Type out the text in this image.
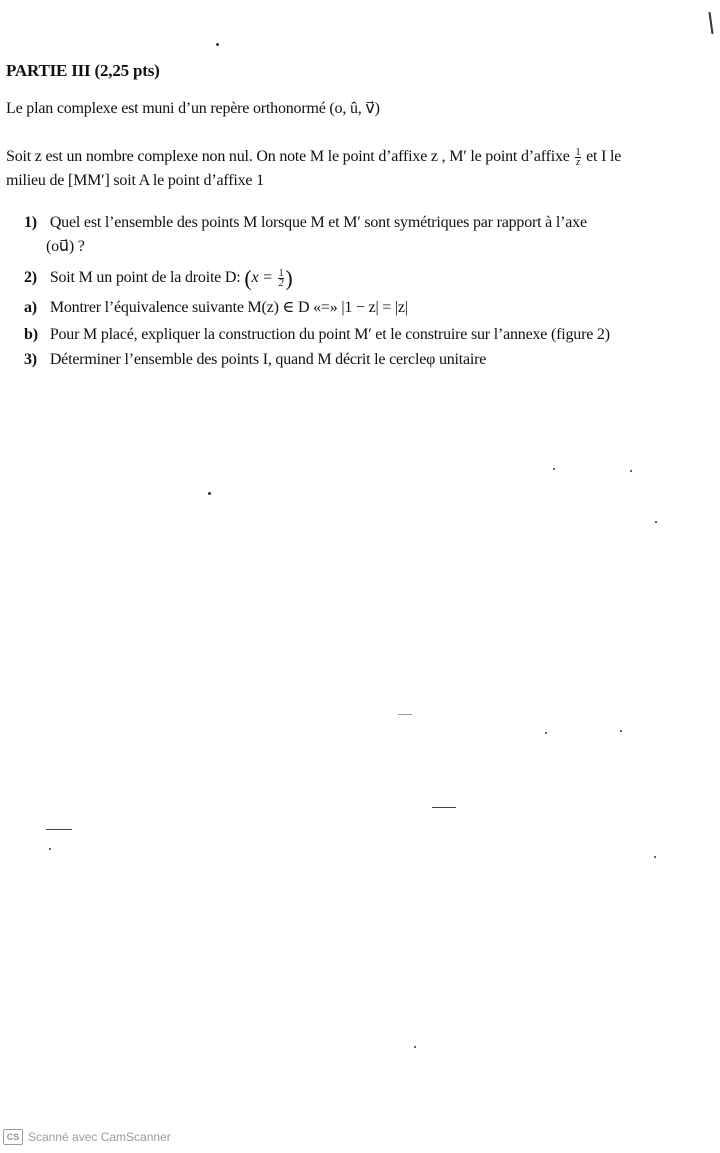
PARTIE III (2,25 pts)
Le plan complexe est muni d’un repère orthonormé (o, û, v⃗)
Soit z est un nombre complexe non nul. On note M le point d’affixe z , M′ le point d’affixe $\frac{1}{z}$ et I le
milieu de [MM′] soit A le point d’affixe 1
1) Quel est l’ensemble des points M lorsque M et M′ sont symétriques par rapport à l’axe
(ou⃗) ?
2) Soit M un point de la droite D: ($x = \frac{1}{2}$ )
a) Montrer l’équivalence suivante M(z) ∈ D «=» |1 − z| = |z|
b) Pour M placé, expliquer la construction du point M′ et le construire sur l’annexe (figure 2)
3) Déterminer l’ensemble des points I, quand M décrit le cercleφ unitaire
CS Scanné avec CamScanner
